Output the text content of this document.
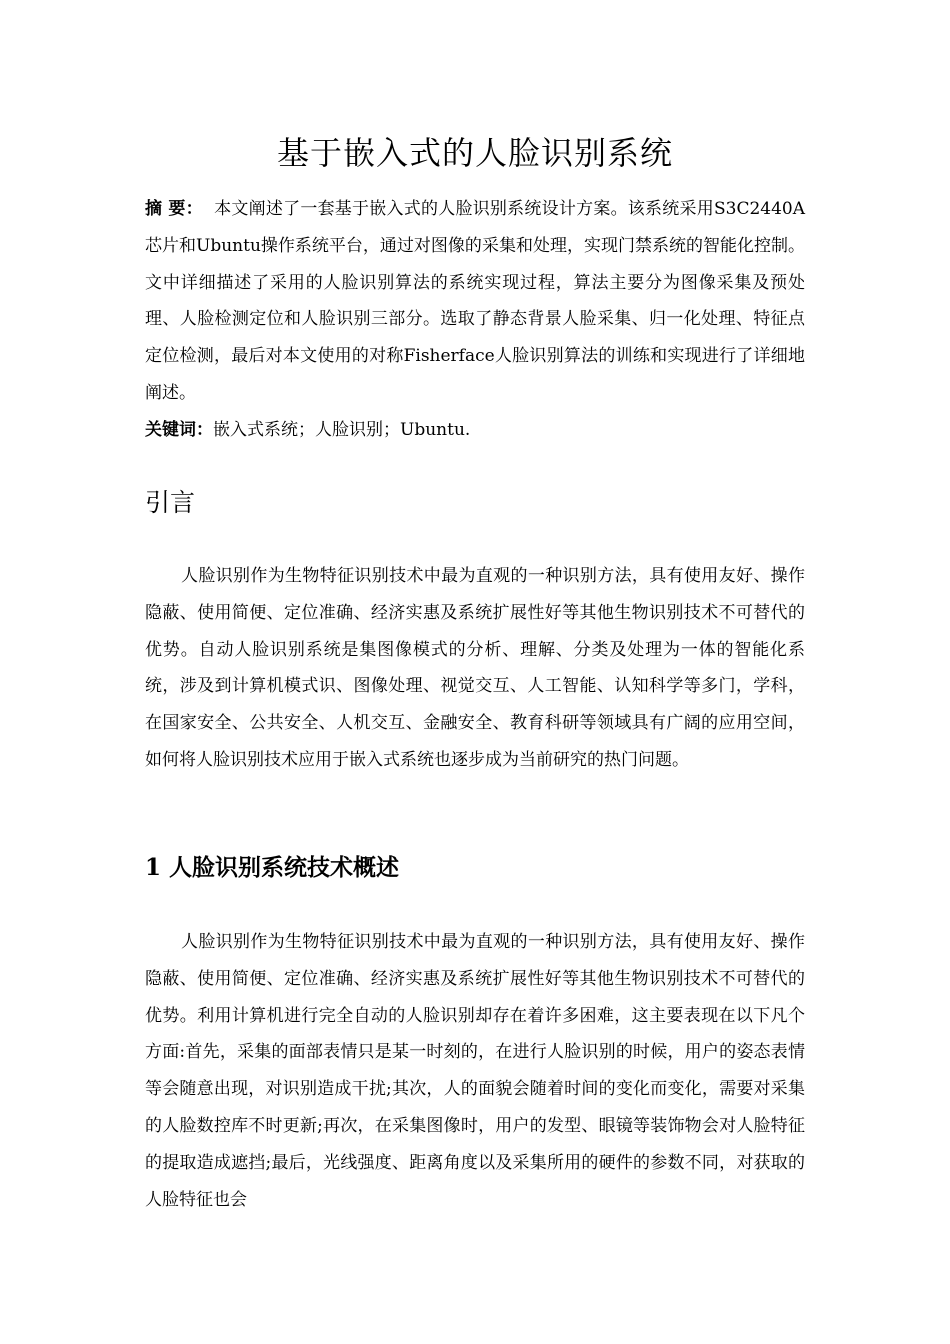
基于嵌入式的人脸识别系统

摘 要： 本文阐述了一套基于嵌入式的人脸识别系统设计方案。该系统采用S3C2440A芯片和Ubuntu操作系统平台，通过对图像的采集和处理，实现门禁系统的智能化控制。文中详细描述了采用的人脸识别算法的系统实现过程，算法主要分为图像采集及预处理、人脸检测定位和人脸识别三部分。选取了静态背景人脸采集、归一化处理、特征点定位检测，最后对本文使用的对称Fisherface人脸识别算法的训练和实现进行了详细地阐述。

关键词：嵌入式系统；人脸识别；Ubuntu.

引言

人脸识别作为生物特征识别技术中最为直观的一种识别方法，具有使用友好、操作隐蔽、使用简便、定位准确、经济实惠及系统扩展性好等其他生物识别技术不可替代的优势。自动人脸识别系统是集图像模式的分析、理解、分类及处理为一体的智能化系统，涉及到计算机模式识、图像处理、视觉交互、人工智能、认知科学等多门，学科，在国家安全、公共安全、人机交互、金融安全、教育科研等领域具有广阔的应用空间，如何将人脸识别技术应用于嵌入式系统也逐步成为当前研究的热门问题。

1 人脸识别系统技术概述

人脸识别作为生物特征识别技术中最为直观的一种识别方法，具有使用友好、操作隐蔽、使用简便、定位准确、经济实惠及系统扩展性好等其他生物识别技术不可替代的优势。利用计算机进行完全自动的人脸识别却存在着许多困难，这主要表现在以下凡个方面:首先，采集的面部表情只是某一时刻的，在进行人脸识别的时候，用户的姿态表情等会随意出现，对识别造成干扰;其次，人的面貌会随着时间的变化而变化，需要对采集的人脸数控库不时更新;再次，在采集图像时，用户的发型、眼镜等装饰物会对人脸特征的提取造成遮挡;最后，光线强度、距离角度以及采集所用的硬件的参数不同，对获取的人脸特征也会
